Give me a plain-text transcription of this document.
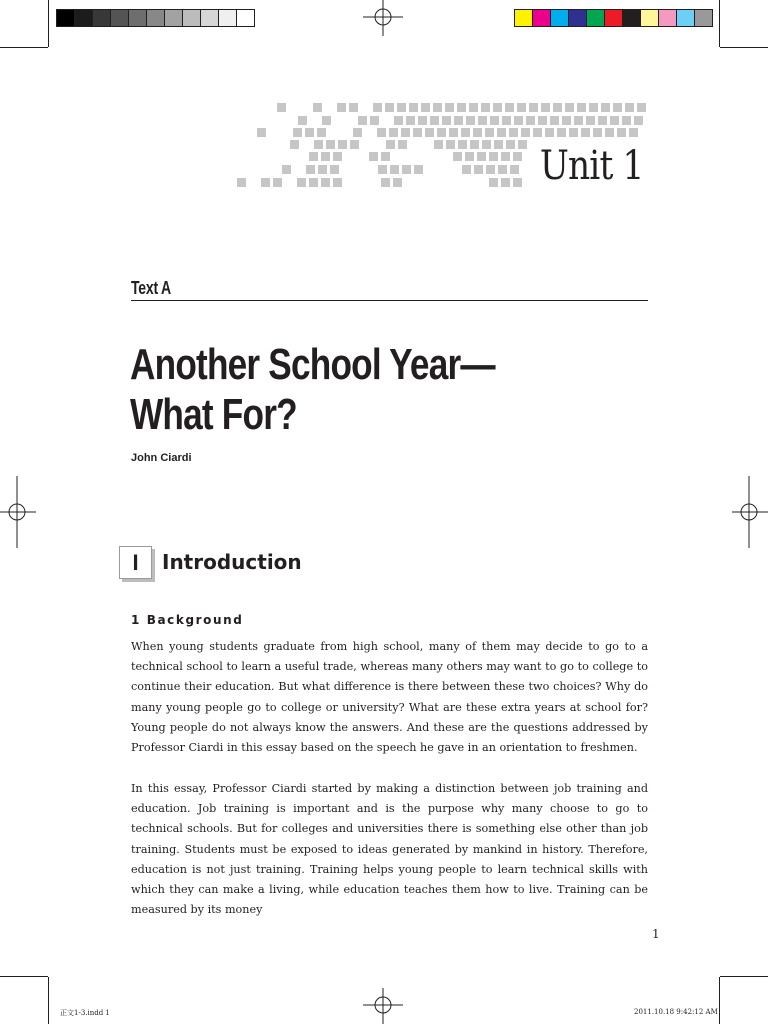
Unit 1
Text A
Another School Year—
What For?
John Ciardi
I	Introduction
1 Background

When young students graduate from high school, many of them may decide to go to a technical school to learn a useful trade, whereas many others may want to go to college to continue their education. But what difference is there between these two choices? Why do many young people go to college or university? What are these extra years at school for? Young people do not always know the answers. And these are the questions addressed by Professor Ciardi in this essay based on the speech he gave in an orientation to freshmen.

In this essay, Professor Ciardi started by making a distinction between job training and education. Job training is important and is the purpose why many choose to go to technical schools. But for colleges and universities there is something else other than job training. Students must be exposed to ideas generated by mankind in history. Therefore, education is not just training. Training helps young people to learn technical skills with which they can make a living, while education teaches them how to live. Training can be measured by its money

1
正文1-3.indd 1	2011.10.18 9:42:12 AM
